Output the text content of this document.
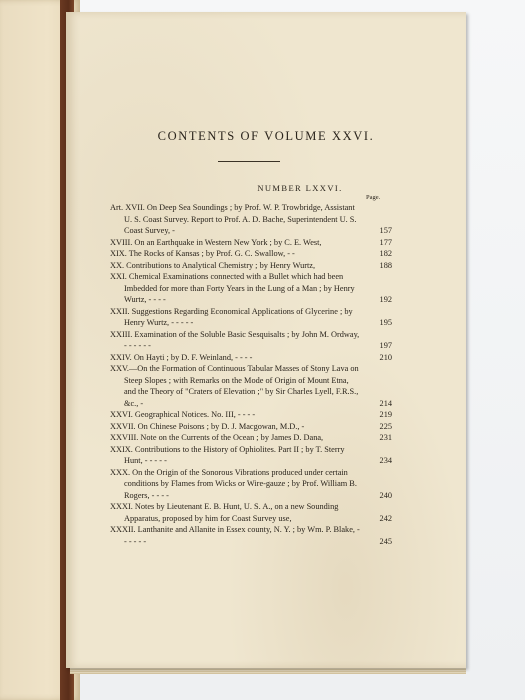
CONTENTS OF VOLUME XXVI.
NUMBER LXXVI.
Page.
Art. XVII. On Deep Sea Soundings ; by Prof. W. P. Trowbridge, Assistant U. S. Coast Survey. Report to Prof. A. D. Bache, Superintendent U. S. Coast Survey, -	157
XVIII. On an Earthquake in Western New York ; by C. E. West,	177
XIX. The Rocks of Kansas ; by Prof. G. C. Swallow, - -	182
XX. Contributions to Analytical Chemistry ; by Henry Wurtz,	188
XXI. Chemical Examinations connected with a Bullet which had been Imbedded for more than Forty Years in the Lung of a Man ; by Henry Wurtz, - - - -	192
XXII. Suggestions Regarding Economical Applications of Glycerine ; by Henry Wurtz, - - - - -	195
XXIII. Examination of the Soluble Basic Sesquisalts ; by John M. Ordway, - - - - - -	197
XXIV. On Hayti ; by D. F. Weinland, - - - -	210
XXV.—On the Formation of Continuous Tabular Masses of Stony Lava on Steep Slopes ; with Remarks on the Mode of Origin of Mount Etna, and the Theory of "Craters of Elevation ;" by Sir Charles Lyell, F.R.S., &c., -	214
XXVI. Geographical Notices. No. III, - - - -	219
XXVII. On Chinese Poisons ; by D. J. Macgowan, M.D., -	225
XXVIII. Note on the Currents of the Ocean ; by James D. Dana,	231
XXIX. Contributions to the History of Ophiolites. Part II ; by T. Sterry Hunt, - - - - -	234
XXX. On the Origin of the Sonorous Vibrations produced under certain conditions by Flames from Wicks or Wire-gauze ; by Prof. William B. Rogers, - - - -	240
XXXI. Notes by Lieutenant E. B. Hunt, U. S. A., on a new Sounding Apparatus, proposed by him for Coast Survey use,	242
XXXII. Lanthanite and Allanite in Essex county, N. Y. ; by Wm. P. Blake, - - - - - -	245
